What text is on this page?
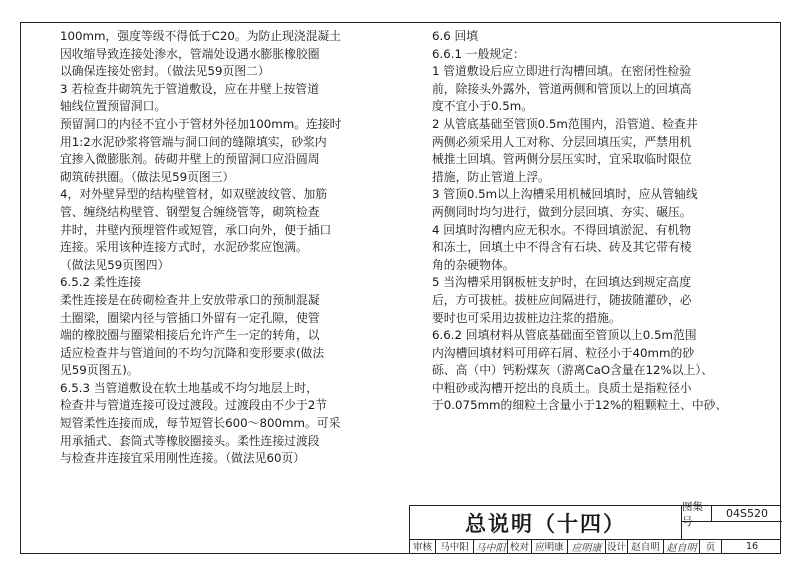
100mm，强度等级不得低于C20。为防止现浇混凝土

因收缩导致连接处渗水，管端处设遇水膨胀橡胶圈

以确保连接处密封。（做法见59页图二）

3 若检查井砌筑先于管道敷设，应在井壁上按管道

轴线位置预留洞口。

预留洞口的内径不宜小于管材外径加100mm。连接时

用1:2水泥砂浆将管端与洞口间的缝隙填实，砂浆内

宜掺入微膨胀剂。砖砌井壁上的预留洞口应沿圆周

砌筑砖拱圈。（做法见59页图三）

4，对外壁异型的结构壁管材，如双壁波纹管、加筋

管、缠绕结构壁管、钢塑复合缠绕管等，砌筑检查

井时，井壁内预埋管件或短管，承口向外，便于插口

连接。采用该种连接方式时，水泥砂浆应饱满。

（做法见59页图四）

6.5.2 柔性连接

柔性连接是在砖砌检查井上安放带承口的预制混凝

土圈梁，圈梁内径与管插口外留有一定孔隙，使管

端的橡胶圈与圈梁相接后允许产生一定的转角，以

适应检查井与管道间的不均匀沉降和变形要求(做法

见59页图五)。

6.5.3 当管道敷设在软土地基或不均匀地层上时，

检查井与管道连接可设过渡段。过渡段由不少于2节

短管柔性连接而成，每节短管长600～800mm。可采

用承插式、套筒式等橡胶圈接头。柔性连接过渡段

与检查井连接宜采用刚性连接。（做法见60页）

6.6 回填

6.6.1 一般规定：

1 管道敷设后应立即进行沟槽回填。在密闭性检验

前，除接头外露外，管道两侧和管顶以上的回填高

度不宜小于0.5m。

2 从管底基础至管顶0.5m范围内，沿管道、检查井

两侧必须采用人工对称、分层回填压实，严禁用机

械推土回填。管两侧分层压实时，宜采取临时限位

措施，防止管道上浮。

3 管顶0.5m以上沟槽采用机械回填时，应从管轴线

两侧同时均匀进行，做到分层回填、夯实、碾压。

4 回填时沟槽内应无积水。不得回填淤泥、有机物

和冻土，回填土中不得含有石块、砖及其它带有棱

角的杂硬物体。

5 当沟槽采用钢板桩支护时，在回填达到规定高度

后，方可拔桩。拔桩应间隔进行，随拔随灌砂，必

要时也可采用边拔桩边注浆的措施。

6.6.2 回填材料从管底基础面至管顶以上0.5m范围

内沟槽回填材料可用碎石屑、粒径小于40mm的砂

砾、高（中）钙粉煤灰（游离CaO含量在12%以上）、

中粗砂或沟槽开挖出的良质土。良质土是指粒径小

于0.075mm的细粒土含量小于12%的粗颗粒土、中砂、

总说明（十四）
图集号
04S520
审核 马中阳 马中阳 校对 应明康 应明康 设计 赵自明 赵自明 页	16
